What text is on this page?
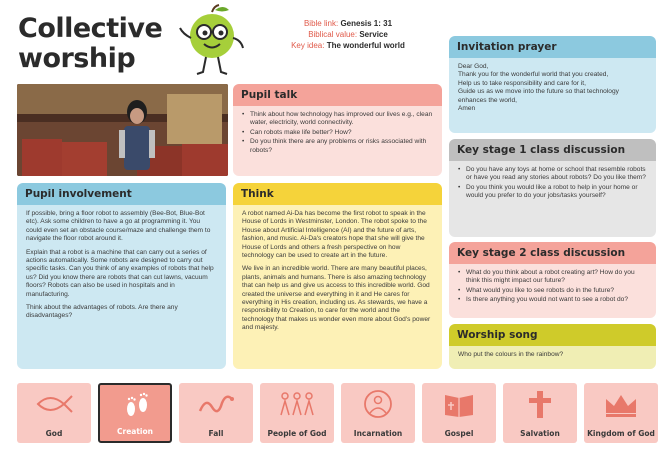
Collective worship
Bible link: Genesis 1: 31
Biblical value: Service
Key idea: The wonderful world
Pupil talk
• Think about how technology has improved our lives e.g., clean water, electricity, world connectivity.
• Can robots make life better? How?
• Do you think there are any problems or risks associated with robots?
Pupil involvement

If possible, bring a floor robot to assembly (Bee-Bot, Blue-Bot etc). Ask some children to have a go at programming it. You could even set an obstacle course/maze and challenge them to navigate the floor robot around it.

Explain that a robot is a machine that can carry out a series of actions automatically. Some robots are designed to carry out specific tasks. Can you think of any examples of robots that help us? Did you know there are robots that can cut lawns, vacuum floors? Robots can also be used in hospitals and in manufacturing.

Think about the advantages of robots. Are there any disadvantages?

Think

A robot named Ai-Da has become the first robot to speak in the House of Lords in Westminster, London. The robot spoke to the House about Artificial Intelligence (AI) and the future of arts, fashion, and music. Ai-Da's creators hope that she will give the House of Lords and others a fresh perspective on how technology can be used to create art in the future.

We live in an incredible world. There are many beautiful places, plants, animals and humans. There is also amazing technology that can help us and give us access to this incredible world. God created the universe and everything in it and He cares for everything in His creation, including us. As stewards, we have a responsibility to Creation, to care for the world and the technology that makes us wonder even more about God's power and majesty.

Invitation prayer
Dear God,
Thank you for the wonderful world that you created,
Help us to take responsibility and care for it,
Guide us as we move into the future so that technology enhances the world,
Amen
Key stage 1 class discussion
• Do you have any toys at home or school that resemble robots or have you read any stories about robots? Do you like them?
• Do you think you would like a robot to help in your home or would you prefer to do your jobs/tasks yourself?
Key stage 2 class discussion
• What do you think about a robot creating art? How do you think this might impact our future?
• What would you like to see robots do in the future?
• Is there anything you would not want to see a robot do?
Worship song
Who put the colours in the rainbow?
God	Creation	Fall	People of God	Incarnation	Gospel	Salvation	Kingdom of God
